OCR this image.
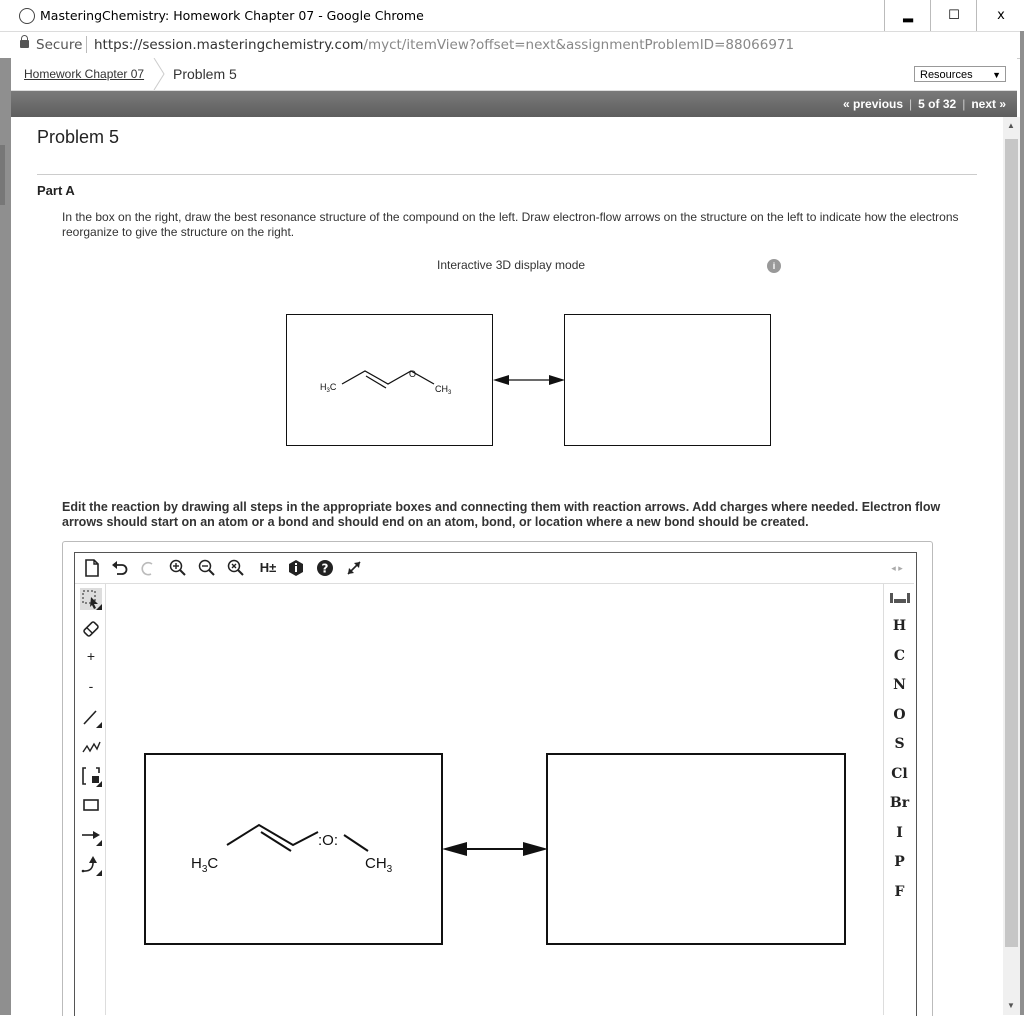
MasteringChemistry: Homework Chapter 07 - Google Chrome	▂	☐	x
Secure https://session.masteringchemistry.com/myct/itemView?offset=next&assignmentProblemID=88066971
Homework Chapter 07 Problem 5	Resources ▼
« previous | 5 of 32 | next »
▲
▼
Problem 5
Part A
In the box on the right, draw the best resonance structure of the compound on the left. Draw electron-flow arrows on the structure on the left to indicate how the electrons reorganize to give the structure on the right.
Interactive 3D display mode	i
$H_3C$
O
$CH_3$
Edit the reaction by drawing all steps in the appropriate boxes and connecting them with reaction arrows. Add charges where needed. Electron flow arrows should start on an atom or a bond and should end on an atom, bond, or location where a new bond should be created.
H±	?	◂ ▸
+
-
H
C
N
O
S
Cl
Br
I
P
F
$H_3C$
:O:
$CH_3$
